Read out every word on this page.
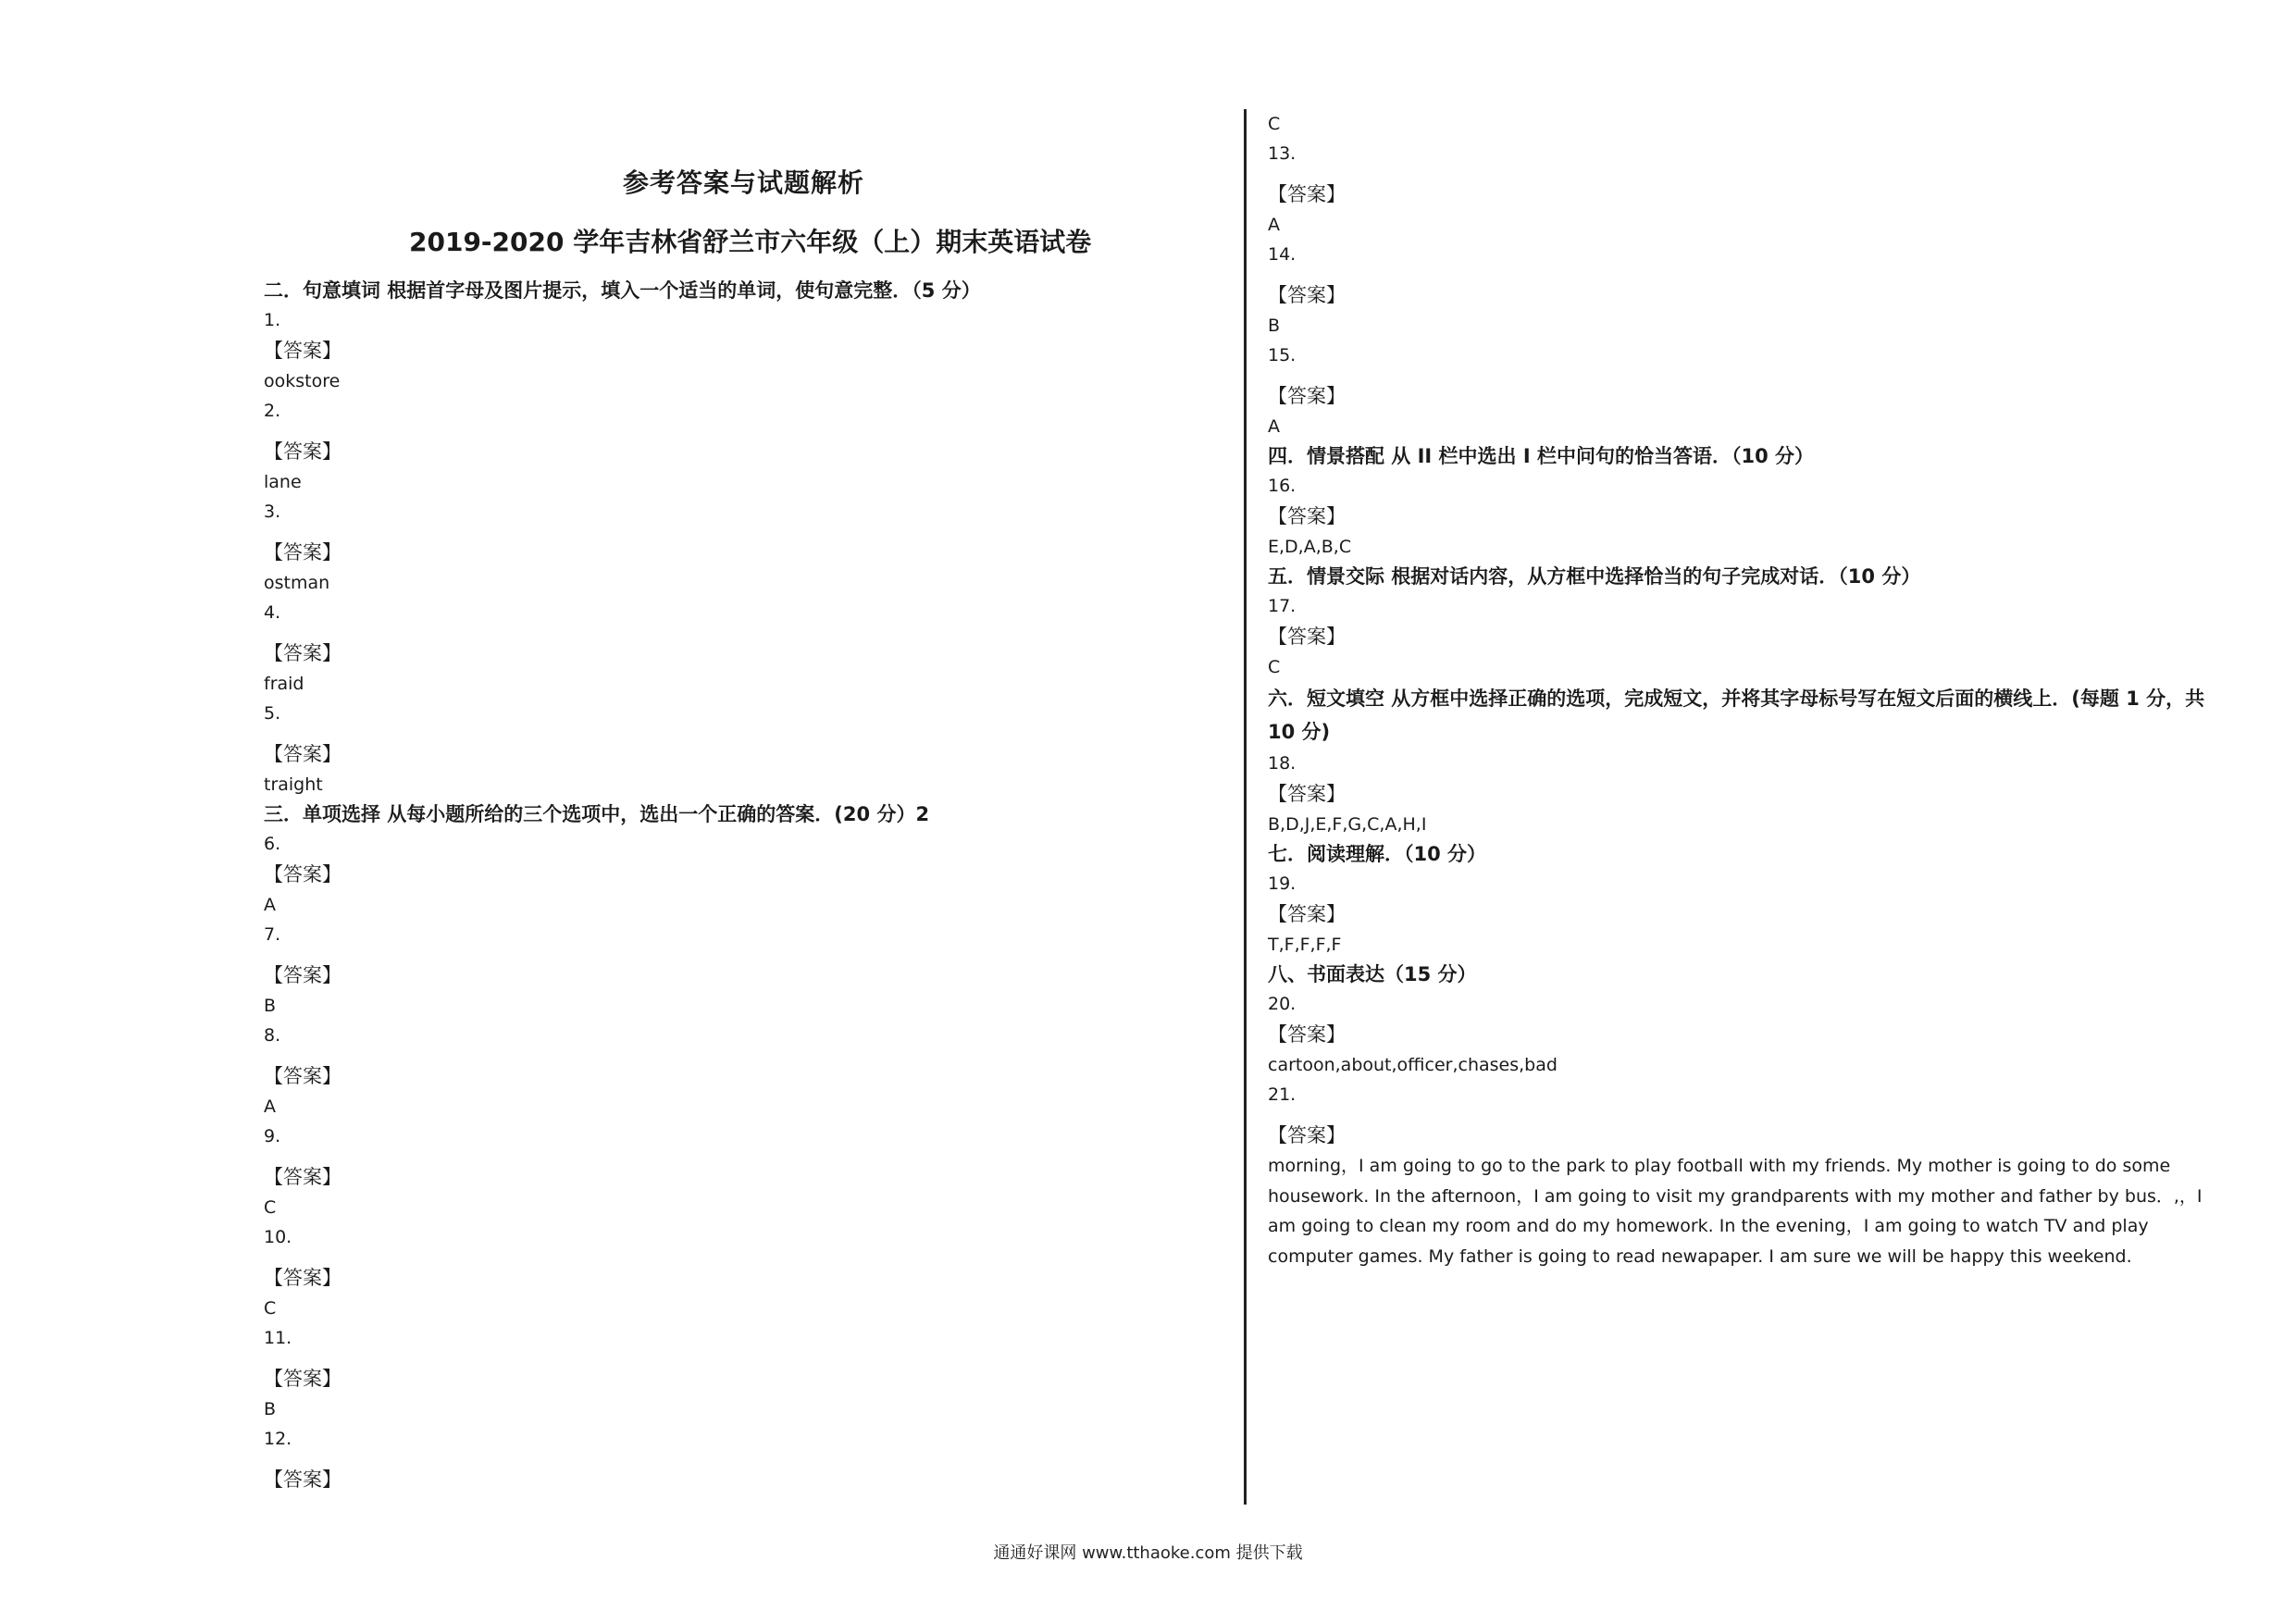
参考答案与试题解析
2019-2020 学年吉林省舒兰市六年级（上）期末英语试卷
二．句意填词 根据首字母及图片提示，填入一个适当的单词，使句意完整．（5 分）
1.
【答案】
ookstore
2.
【答案】
lane
3.
【答案】
ostman
4.
【答案】
fraid
5.
【答案】
traight
三．单项选择 从每小题所给的三个选项中，选出一个正确的答案．(20 分）2
6.
【答案】
A
7.
【答案】
B
8.
【答案】
A
9.
【答案】
C
10.
【答案】
C
11.
【答案】
B
12.
【答案】
C
13.
【答案】
A
14.
【答案】
B
15.
【答案】
A
四．情景搭配 从 II 栏中选出 I 栏中问句的恰当答语．（10 分）
16.
【答案】
E,D,A,B,C
五．情景交际 根据对话内容，从方框中选择恰当的句子完成对话．（10 分）
17.
【答案】
C
六．短文填空 从方框中选择正确的选项，完成短文，并将其字母标号写在短文后面的横线上．(每题 1 分，共 10 分)
18.
【答案】
B,D,J,E,F,G,C,A,H,I
七．阅读理解．（10 分）
19.
【答案】
T,F,F,F,F
八、书面表达（15 分）
20.
【答案】
cartoon,about,officer,chases,bad
21.
【答案】
morning，I am going to go to the park to play football with my friends. My mother is going to do some housework. In the afternoon，I am going to visit my grandparents with my mother and father by bus．,，I am going to clean my room and do my homework. In the evening，I am going to watch TV and play computer games. My father is going to read newapaper. I am sure we will be happy this weekend.
通通好课网 www.tthaoke.com 提供下载
